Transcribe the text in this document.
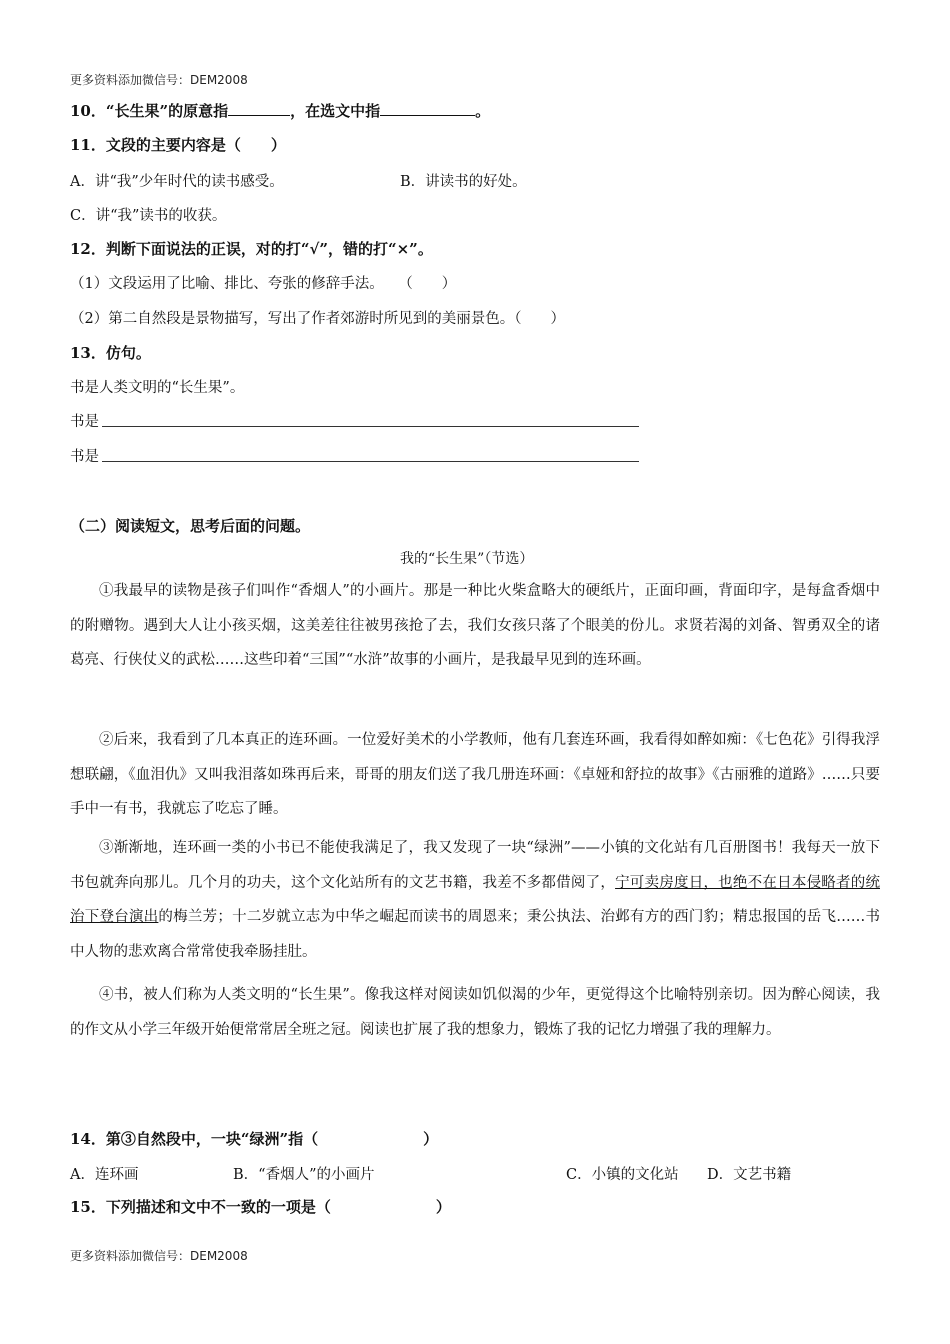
更多资料添加微信号：DEM2008
10．“长生果”的原意指	，在选文中指	。
11．文段的主要内容是（　　）
A．讲“我”少年时代的读书感受。	B．讲读书的好处。
C．讲“我”读书的收获。
12．判断下面说法的正误，对的打“√”，错的打“×”。
（1）文段运用了比喻、排比、夸张的修辞手法。　　（　　）
（2）第二自然段是景物描写，写出了作者郊游时所见到的美丽景色。（　　）
13．仿句。
书是人类文明的“长生果”。
书是
书是
（二）阅读短文，思考后面的问题。
我的“长生果”（节选）
①我最早的读物是孩子们叫作“香烟人”的小画片。那是一种比火柴盒略大的硬纸片，正面印画，背面印字，是每盒香烟中的附赠物。遇到大人让小孩买烟，这美差往往被男孩抢了去，我们女孩只落了个眼美的份儿。求贤若渴的刘备、智勇双全的诸葛亮、行侠仗义的武松……这些印着“三国”“水浒”故事的小画片，是我最早见到的连环画。
②后来，我看到了几本真正的连环画。一位爱好美术的小学教师，他有几套连环画，我看得如醉如痴：《七色花》引得我浮想联翩，《血泪仇》又叫我泪落如珠再后来，哥哥的朋友们送了我几册连环画：《卓娅和舒拉的故事》《古丽雅的道路》……只要手中一有书，我就忘了吃忘了睡。
③渐渐地，连环画一类的小书已不能使我满足了，我又发现了一块“绿洲”——小镇的文化站有几百册图书！我每天一放下书包就奔向那儿。几个月的功夫，这个文化站所有的文艺书籍，我差不多都借阅了，宁可卖房度日，也绝不在日本侵略者的统治下登台演出的梅兰芳；十二岁就立志为中华之崛起而读书的周恩来；秉公执法、治邺有方的西门豹；精忠报国的岳飞……书中人物的悲欢离合常常使我牵肠挂肚。
④书，被人们称为人类文明的“长生果”。像我这样对阅读如饥似渴的少年，更觉得这个比喻特别亲切。因为醉心阅读，我的作文从小学三年级开始便常常居全班之冠。阅读也扩展了我的想象力，锻炼了我的记忆力增强了我的理解力。
14．第③自然段中，一块“绿洲”指（　　　　　　　）
A．连环画	B．“香烟人”的小画片	C．小镇的文化站 D．文艺书籍
15．下列描述和文中不一致的一项是（　　　　　　　）
更多资料添加微信号：DEM2008
